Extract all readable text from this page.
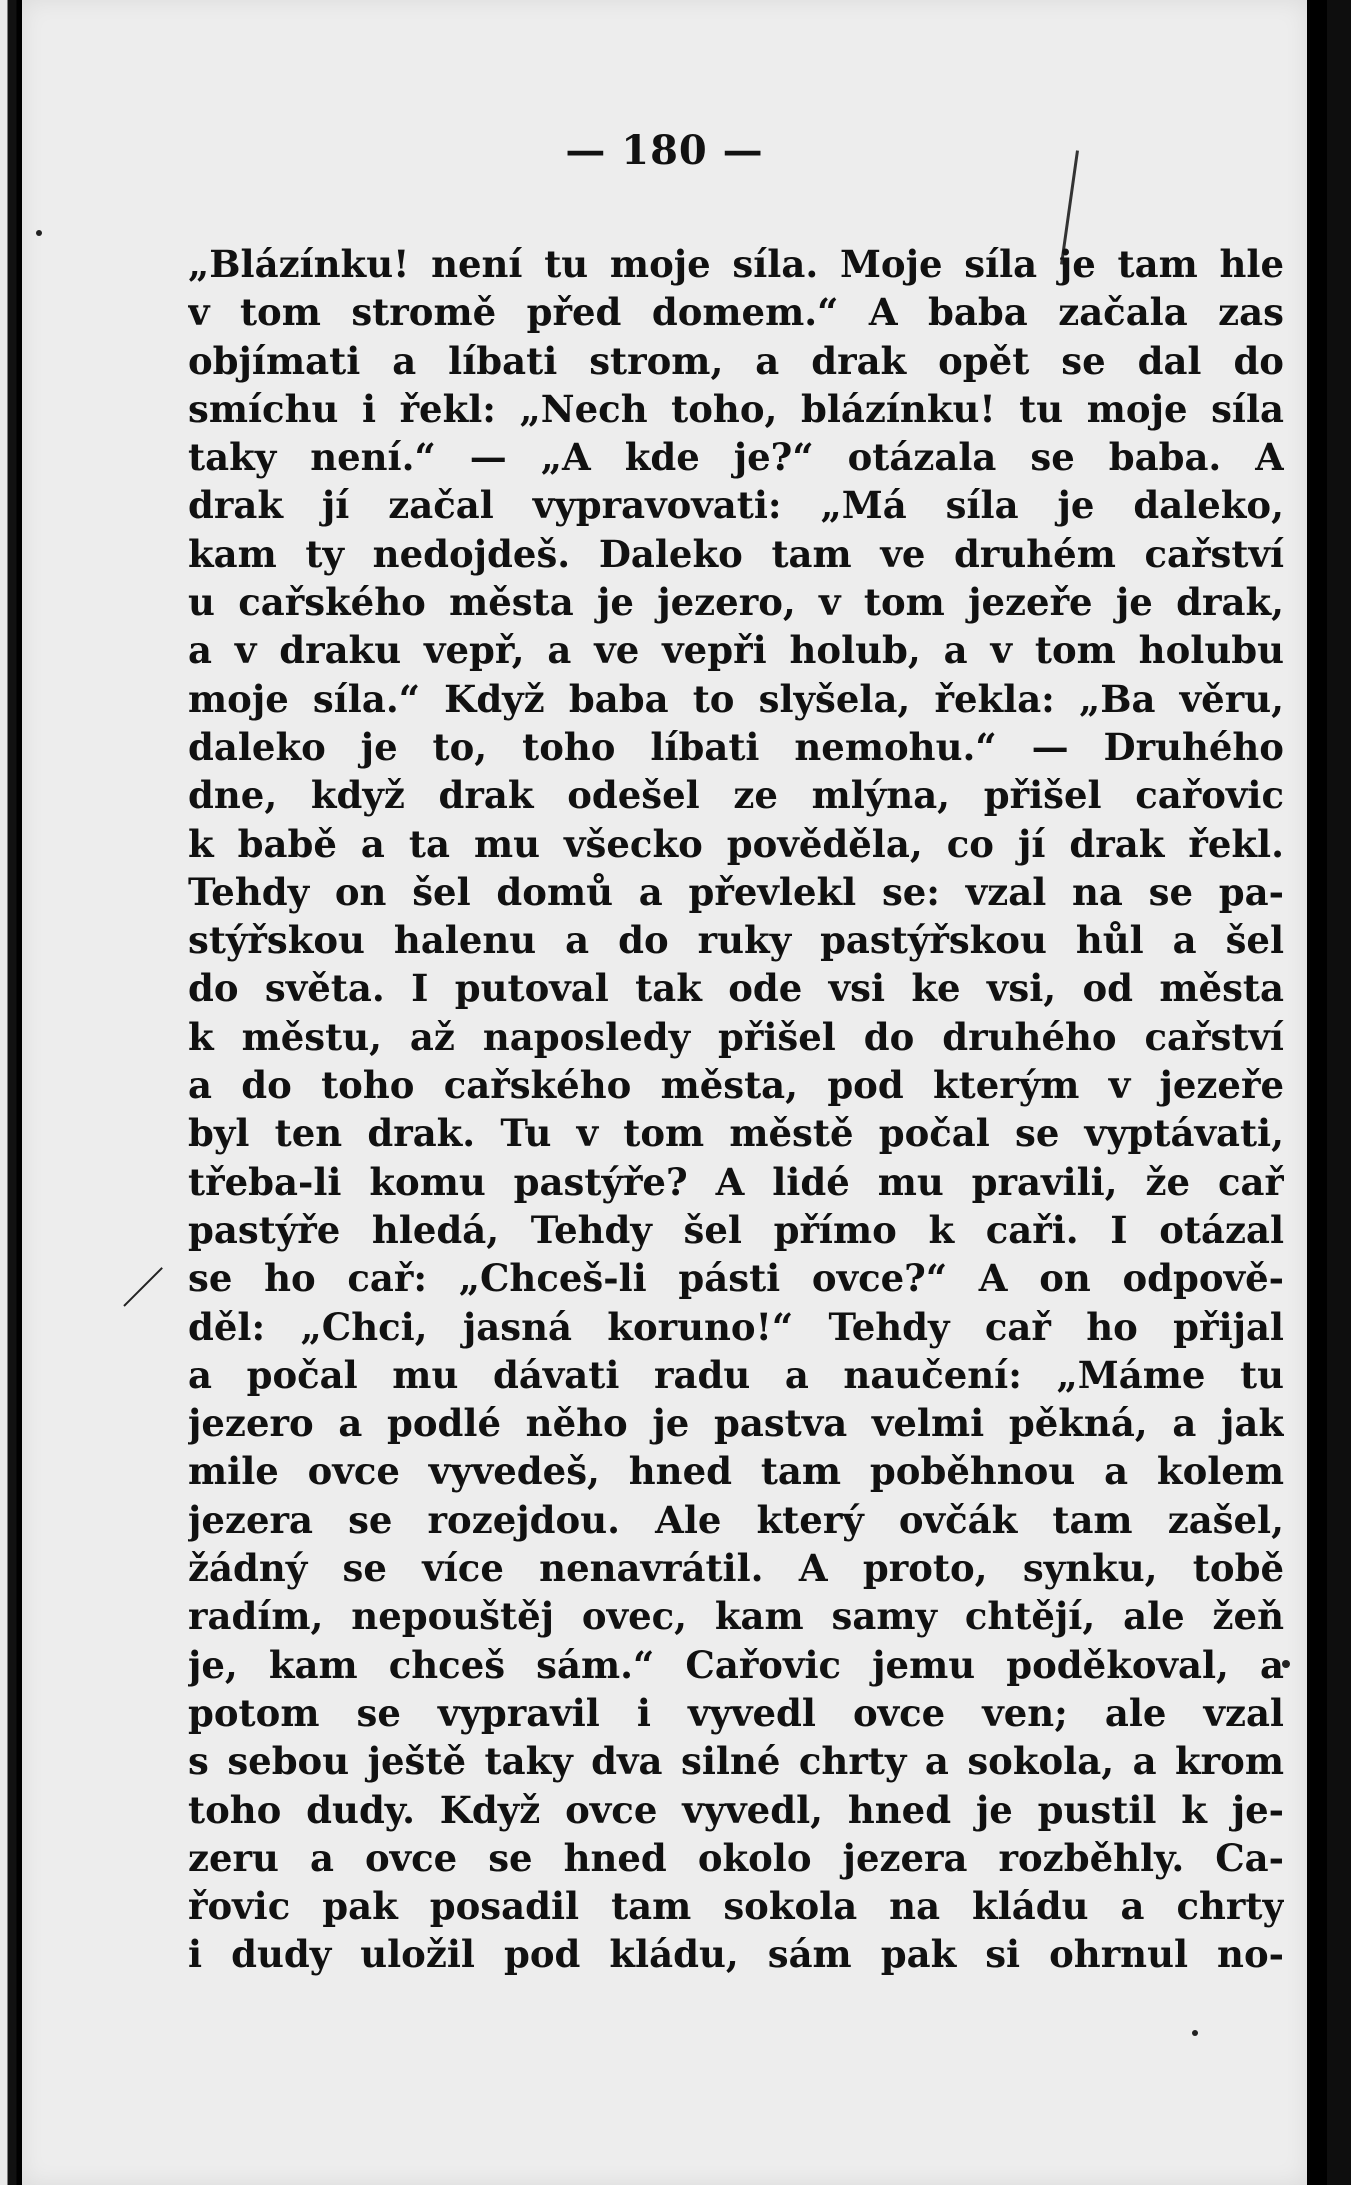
— 180 —
„Blázínku! není tu moje síla. Moje síla je tam hle
v tom stromě před domem.“ A baba začala zas
objímati a líbati strom, a drak opět se dal do
smíchu i řekl: „Nech toho, blázínku! tu moje síla
taky není.“ — „A kde je?“ otázala se baba. A
drak jí začal vypravovati: „Má síla je daleko,
kam ty nedojdeš. Daleko tam ve druhém cařství
u cařského města je jezero, v tom jezeře je drak,
a v draku vepř, a ve vepři holub, a v tom holubu
moje síla.“ Když baba to slyšela, řekla: „Ba věru,
daleko je to, toho líbati nemohu.“ — Druhého
dne, když drak odešel ze mlýna, přišel cařovic
k babě a ta mu všecko pověděla, co jí drak řekl.
Tehdy on šel domů a převlekl se: vzal na se pa-
stýřskou halenu a do ruky pastýřskou hůl a šel
do světa. I putoval tak ode vsi ke vsi, od města
k městu, až naposledy přišel do druhého cařství
a do toho cařského města, pod kterým v jezeře
byl ten drak. Tu v tom městě počal se vyptávati,
třeba-li komu pastýře? A lidé mu pravili, že cař
pastýře hledá, Tehdy šel přímo k caři. I otázal
se ho cař: „Chceš-li pásti ovce?“ A on odpově-
děl: „Chci, jasná koruno!“ Tehdy cař ho přijal
a počal mu dávati radu a naučení: „Máme tu
jezero a podlé něho je pastva velmi pěkná, a jak
mile ovce vyvedeš, hned tam poběhnou a kolem
jezera se rozejdou. Ale který ovčák tam zašel,
žádný se více nenavrátil. A proto, synku, tobě
radím, nepouštěj ovec, kam samy chtějí, ale žeň
je, kam chceš sám.“ Cařovic jemu poděkoval, a
potom se vypravil i vyvedl ovce ven; ale vzal
s sebou ještě taky dva silné chrty a sokola, a krom
toho dudy. Když ovce vyvedl, hned je pustil k je-
zeru a ovce se hned okolo jezera rozběhly. Ca-
řovic pak posadil tam sokola na kládu a chrty
i dudy uložil pod kládu, sám pak si ohrnul no-
